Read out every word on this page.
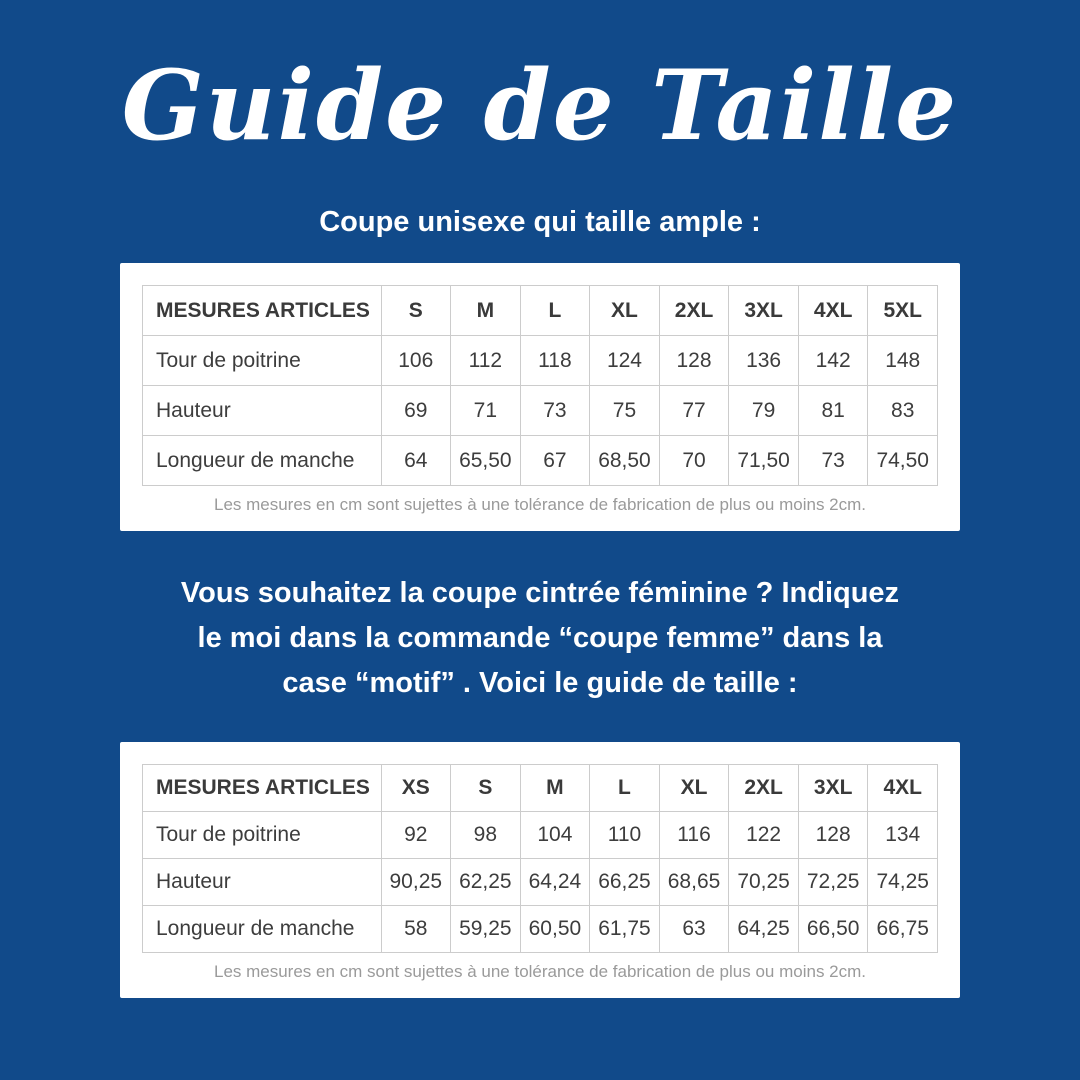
Guide de Taille

Coupe unisexe qui taille ample :

MESURES ARTICLES	S	M	L	XL	2XL	3XL	4XL	5XL
Tour de poitrine	106	112	118	124	128	136	142	148
Hauteur	69	71	73	75	77	79	81	83
Longueur de manche	64	65,50	67	68,50	70	71,50	73	74,50

Les mesures en cm sont sujettes à une tolérance de fabrication de plus ou moins 2cm.

Vous souhaitez la coupe cintrée féminine ? Indiquez
le moi dans la commande “coupe femme” dans la
case “motif” . Voici le guide de taille :

MESURES ARTICLES	XS	S	M	L	XL	2XL	3XL	4XL
Tour de poitrine	92	98	104	110	116	122	128	134
Hauteur	90,25	62,25	64,24	66,25	68,65	70,25	72,25	74,25
Longueur de manche	58	59,25	60,50	61,75	63	64,25	66,50	66,75

Les mesures en cm sont sujettes à une tolérance de fabrication de plus ou moins 2cm.
